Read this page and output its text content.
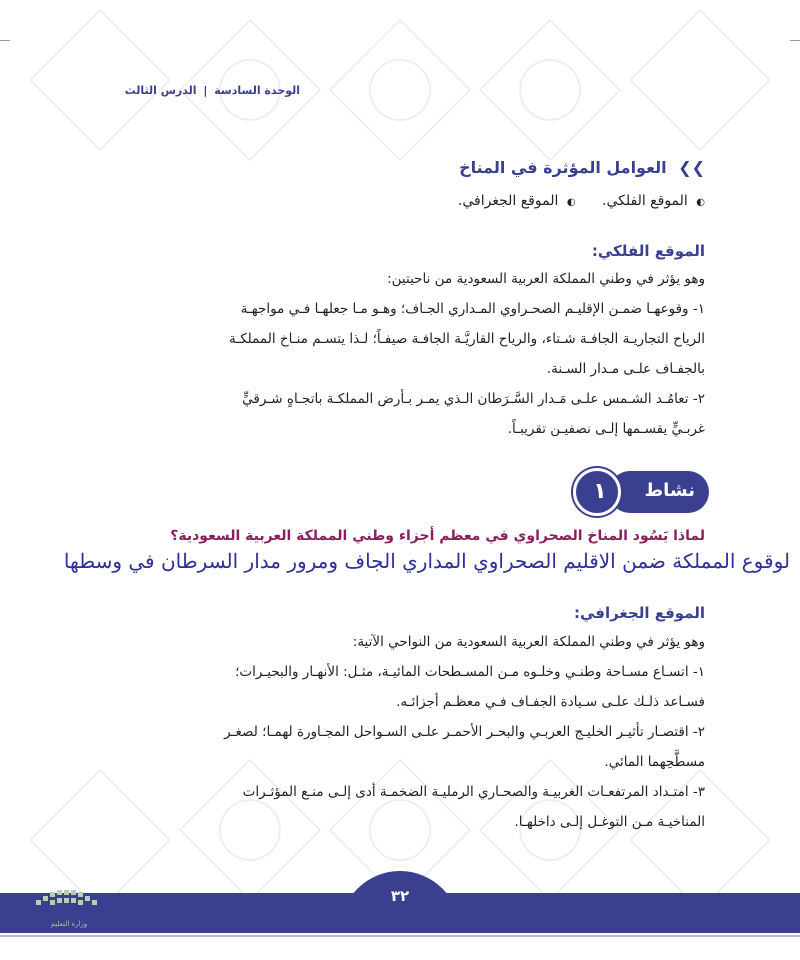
الوحدة السادسة | الدرس الثالث
❯❯ العوامل المؤثرة في المناخ
◐ الموقع الفلكي. ◐ الموقع الجغرافي.
الموقع الفلكي:

وهو يؤثر في وطني المملكة العربية السعودية من ناحيتين:

١- وقوعهـا ضمـن الإقليـم الصحـراوي المـداري الجـاف؛ وهـو مـا جعلهـا فـي مواجهـة

الرياح التجاريـة الجافـة شـتاء، والرياح القاريَّـة الجافـة صيفـاً؛ لـذا يتسـم منـاخ المملكـة

بالجفـاف علـى مـدار السـنة.

٢- تعامُـد الشـمس علـى مَـدار السَّـرَطان الـذي يمـر بـأرض المملكـة باتجـاهٍ شـرقيٍّ

غربـيٍّ يقسـمها إلـى نصفيـن تقريبـاً.

نشاط
١
لماذا يَسُود المناخ الصحراوي في معظم أجزاء وطني المملكة العربية السعودية؟
لوقوع المملكة ضمن الاقليم الصحراوي المداري الجاف ومرور مدار السرطان في وسطها
الموقع الجغرافي:

وهو يؤثر في وطني المملكة العربية السعودية من النواحي الآتية:

١- اتسـاع مسـاحة وطنـي وخلـوه مـن المسـطحات المائيـة، مثـل: الأنهـار والبحيـرات؛

فسـاعد ذلـك علـى سـيادة الجفـاف فـي معظـم أجزائـه.

٢- اقتصـار تأثيـر الخليـج العربـي والبحـر الأحمـر علـى السـواحل المجـاورة لهمـا؛ لصغـر

مسطَّحِهما المائي.

٣- امتـداد المرتفعـات الغربيـة والصحـاري الرمليـة الضخمـة أدى إلـى منـع المؤثـرات

المناخيـة مـن التوغـل إلـى داخلهـا.

٣٢
وزارة التعليم
